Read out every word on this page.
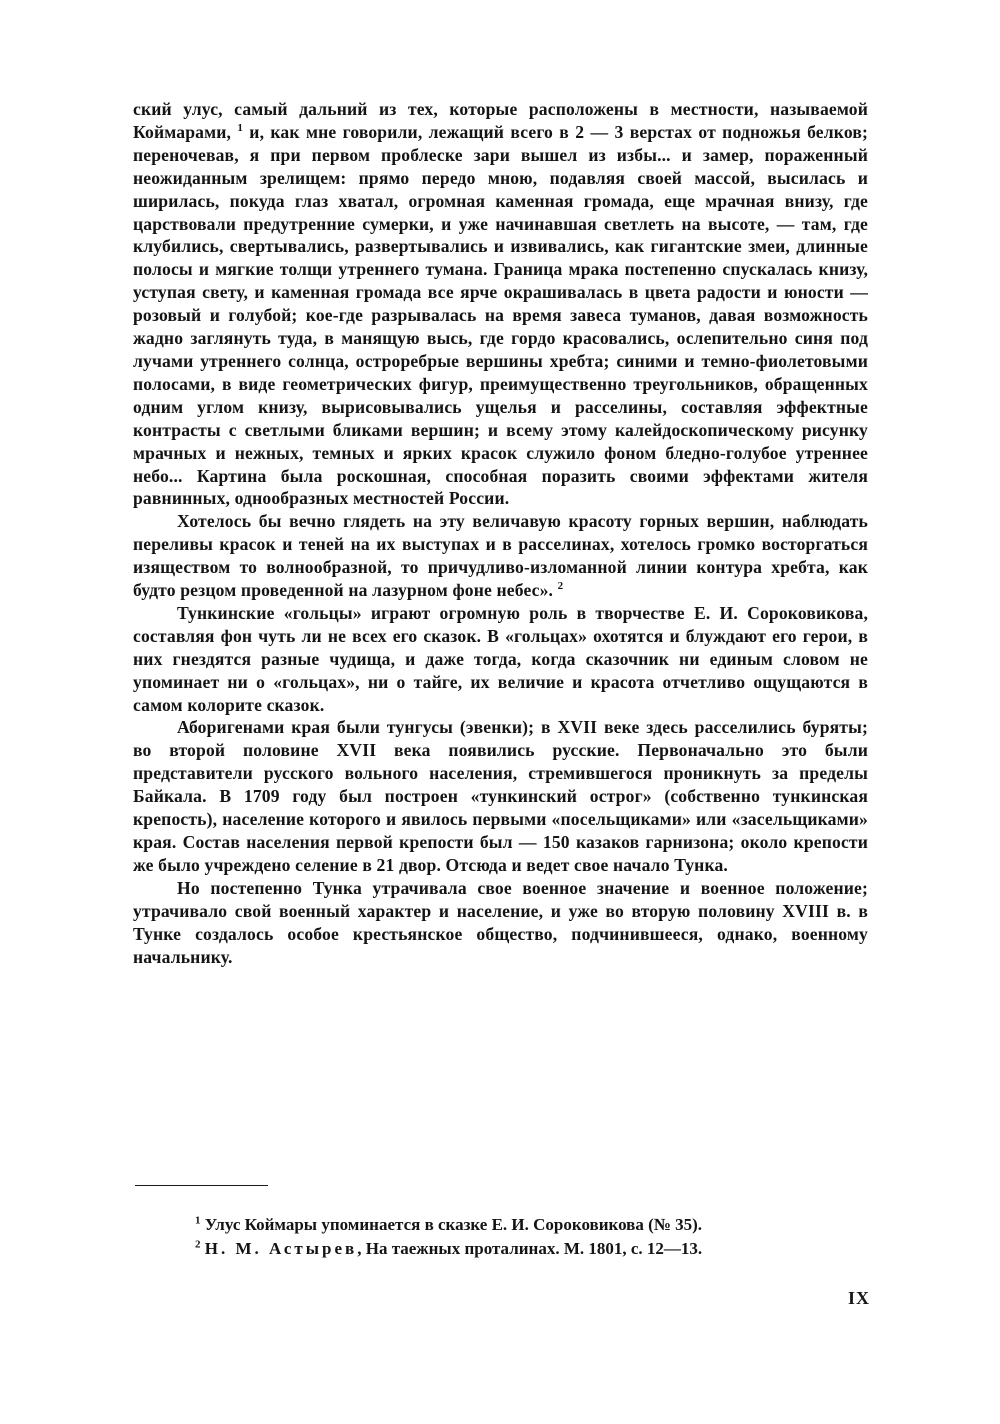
ский улус, самый дальний из тех, которые расположены в местности, называемой Коймарами, $^1$ и, как мне говорили, лежащий всего в 2 — 3 верстах от подножья белков; переночевав, я при первом проблеске зари вышел из избы... и замер, пораженный неожиданным зрелищем: прямо передо мною, подавляя своей массой, высилась и ширилась, покуда глаз хватал, огромная каменная громада, еще мрачная внизу, где царствовали предутренние сумерки, и уже начинавшая светлеть на высоте, — там, где клубились, свертывались, развертывались и извивались, как гигантские змеи, длинные полосы и мягкие толщи утреннего тумана. Граница мрака постепенно спускалась книзу, уступая свету, и каменная громада все ярче окрашивалась в цвета радости и юности — розовый и голубой; кое-где разрывалась на время завеса туманов, давая возможность жадно заглянуть туда, в манящую высь, где гордо красовались, ослепительно синя под лучами утреннего солнца, остроребрые вершины хребта; синими и темно-фиолетовыми полосами, в виде геометрических фигур, преимущественно треугольников, обращенных одним углом книзу, вырисовывались ущелья и расселины, составляя эффектные контрасты с светлыми бликами вершин; и всему этому калейдоскопическому рисунку мрачных и нежных, темных и ярких красок служило фоном бледно-голубое утреннее небо... Картина была роскошная, способная поразить своими эффектами жителя равнинных, однообразных местностей России.

Хотелось бы вечно глядеть на эту величавую красоту горных вершин, наблюдать переливы красок и теней на их выступах и в расселинах, хотелось громко восторгаться изяществом то волнообразной, то причудливо-изломанной линии контура хребта, как будто резцом проведенной на лазурном фоне небес». $^2$

Тункинские «гольцы» играют огромную роль в творчестве Е. И. Сороковикова, составляя фон чуть ли не всех его сказок. В «гольцах» охотятся и блуждают его герои, в них гнездятся разные чудища, и даже тогда, когда сказочник ни единым словом не упоминает ни о «гольцах», ни о тайге, их величие и красота отчетливо ощущаются в самом колорите сказок.

Аборигенами края были тунгусы (эвенки); в XVII веке здесь расселились буряты; во второй половине XVII века появились русские. Первоначально это были представители русского вольного населения, стремившегося проникнуть за пределы Байкала. В 1709 году был построен «тункинский острог» (собственно тункинская крепость), население которого и явилось первыми «посельщиками» или «засельщиками» края. Состав населения первой крепости был — 150 казаков гарнизона; около крепости же было учреждено селение в 21 двор. Отсюда и ведет свое начало Тунка.

Но постепенно Тунка утрачивала свое военное значение и военное положение; утрачивало свой военный характер и население, и уже во вторую половину XVIII в. в Тунке создалось особое крестьянское общество, подчинившееся, однако, военному начальнику.

$^1$ Улус Коймары упоминается в сказке Е. И. Сороковикова (№ 35).

$^2$ Н. М. Астырев, На таежных проталинах. М. 1801, с. 12—13.

IX
